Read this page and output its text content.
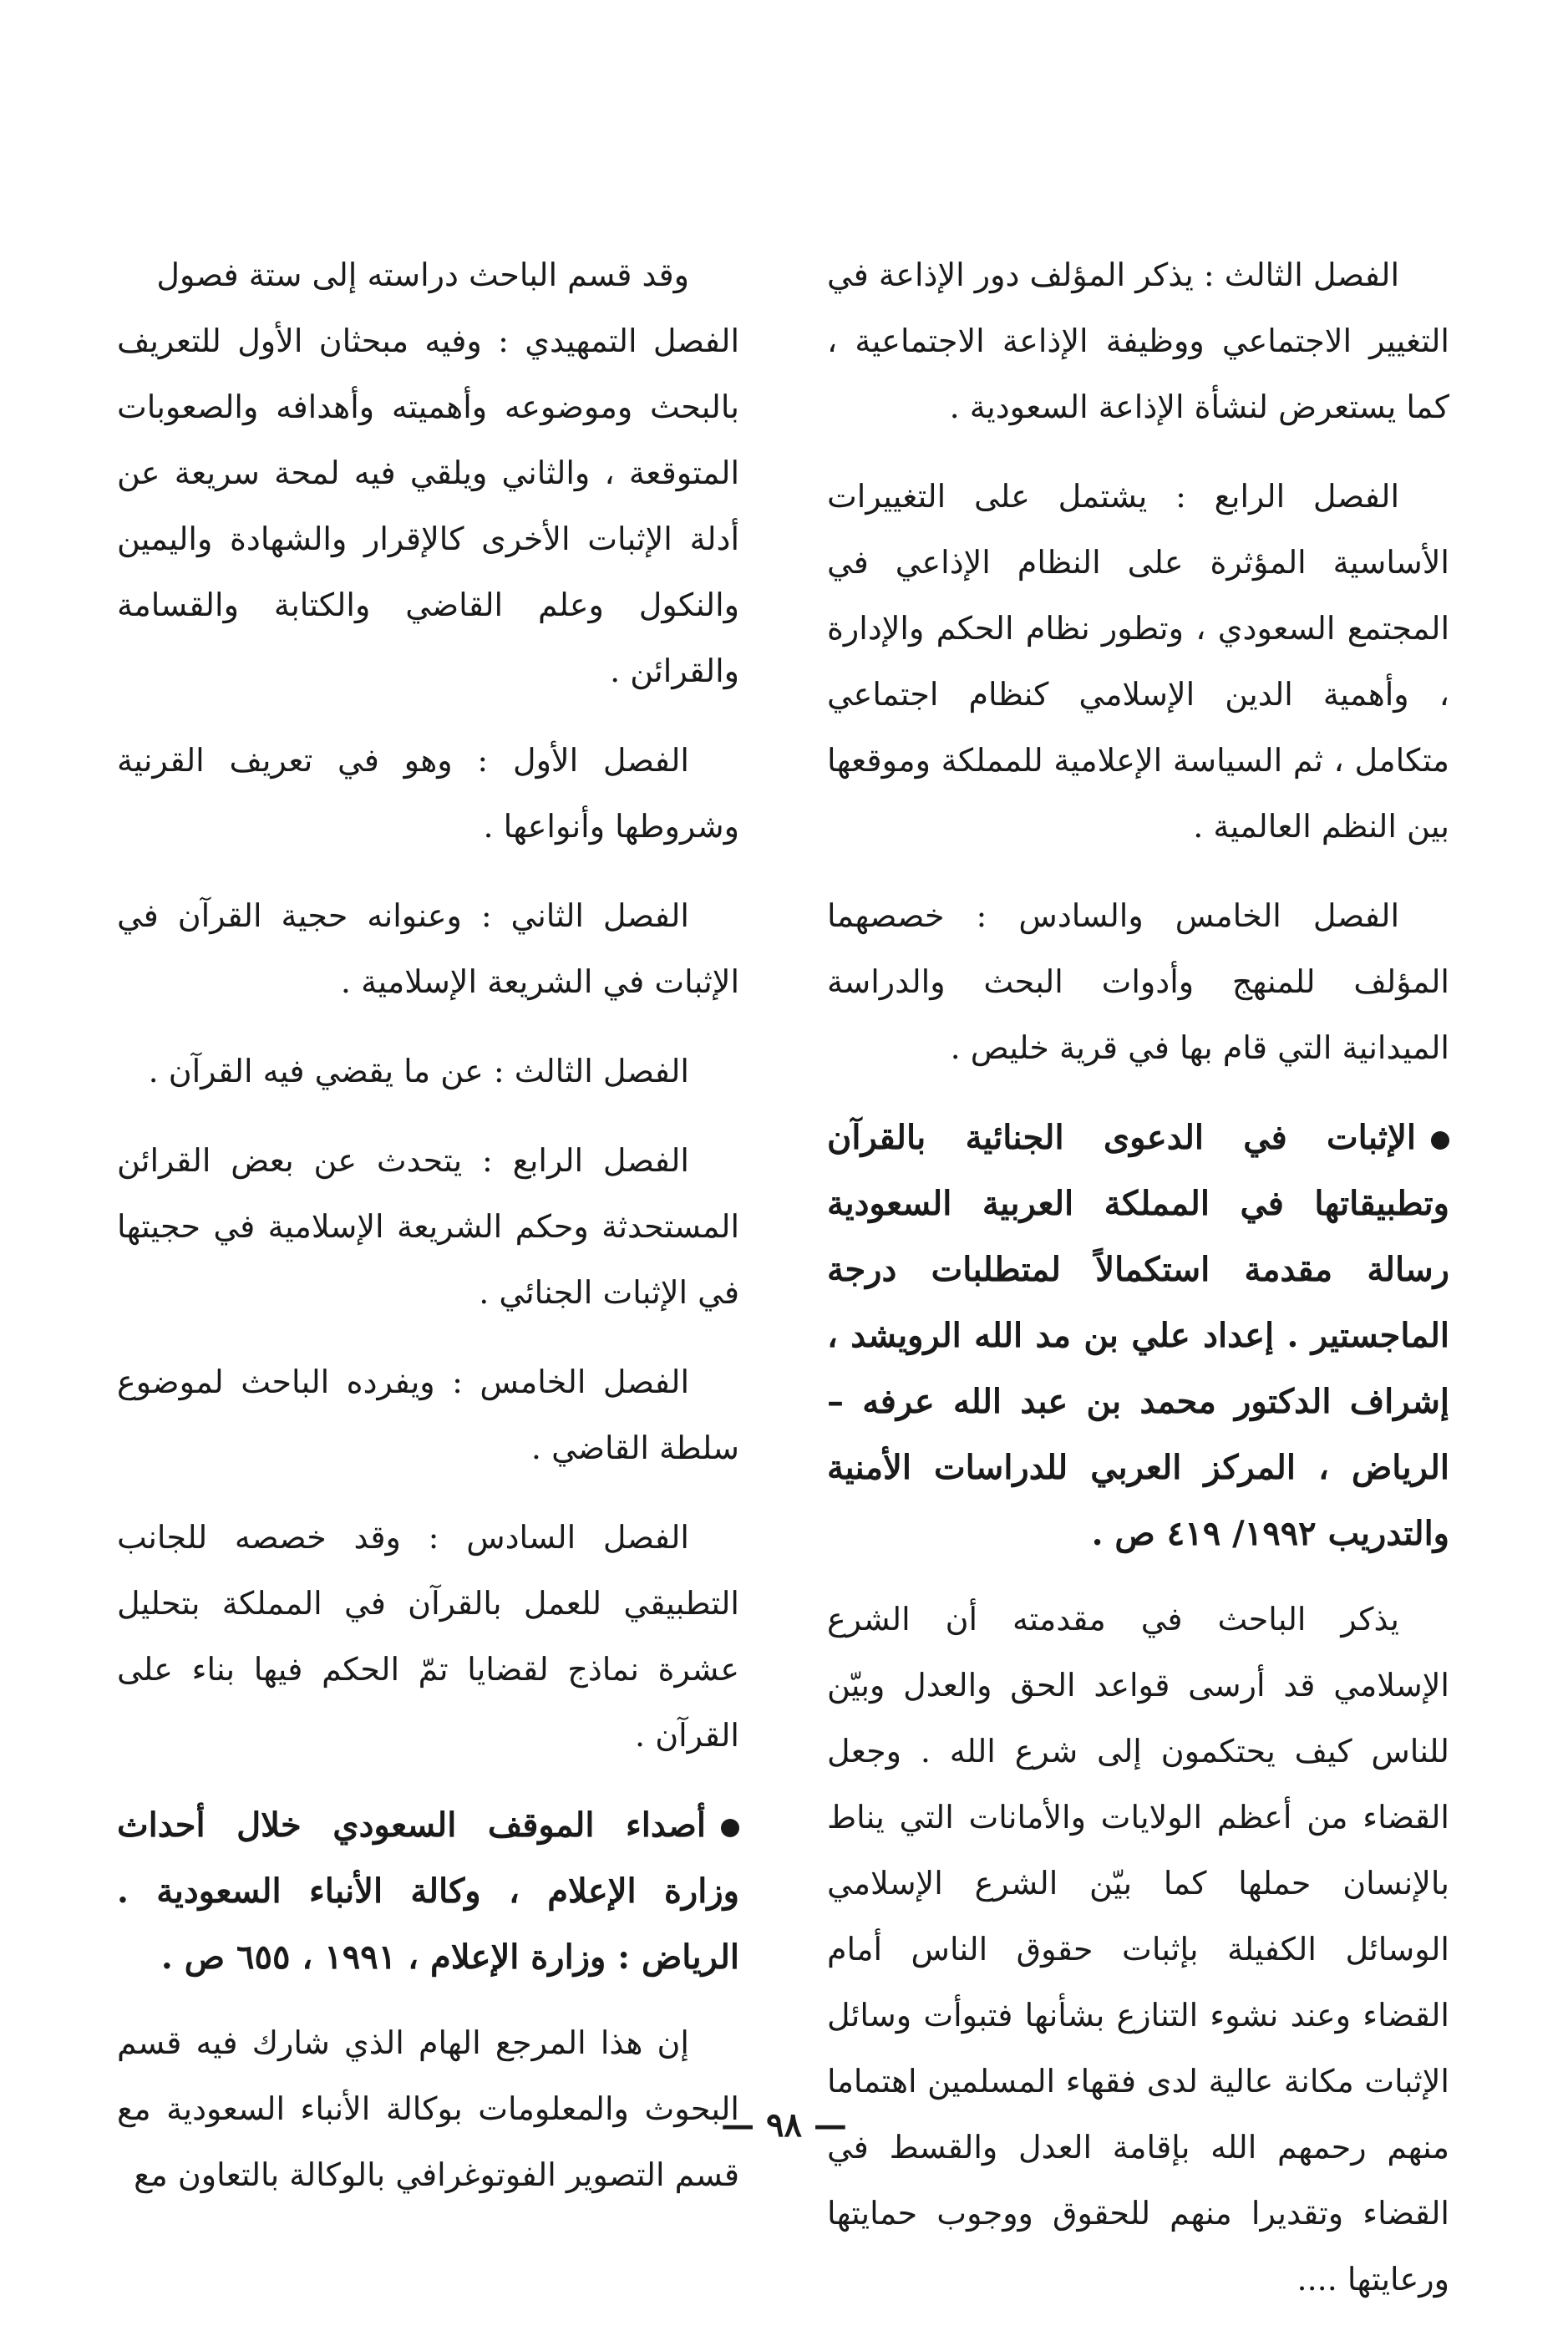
الفصل الثالث : يذكر المؤلف دور الإذاعة في التغيير الاجتماعي ووظيفة الإذاعة الاجتماعية ، كما يستعرض لنشأة الإذاعة السعودية .

الفصل الرابع : يشتمل على التغييرات الأساسية المؤثرة على النظام الإذاعي في المجتمع السعودي ، وتطور نظام الحكم والإدارة ، وأهمية الدين الإسلامي كنظام اجتماعي متكامل ، ثم السياسة الإعلامية للمملكة وموقعها بين النظم العالمية .

الفصل الخامس والسادس : خصصهما المؤلف للمنهج وأدوات البحث والدراسة الميدانية التي قام بها في قرية خليص .

الإثبات في الدعوى الجنائية بالقرآن وتطبيقاتها في المملكة العربية السعودية رسالة مقدمة استكمالاً لمتطلبات درجة الماجستير . إعداد علي بن مد الله الرويشد ، إشراف الدكتور محمد بن عبد الله عرفه – الرياض ، المركز العربي للدراسات الأمنية والتدريب ١٩٩٢/ ٤١٩ ص .

يذكر الباحث في مقدمته أن الشرع الإسلامي قد أرسى قواعد الحق والعدل وبيّن للناس كيف يحتكمون إلى شرع الله . وجعل القضاء من أعظم الولايات والأمانات التي يناط بالإنسان حملها كما بيّن الشرع الإسلامي الوسائل الكفيلة بإثبات حقوق الناس أمام القضاء وعند نشوء التنازع بشأنها فتبوأت وسائل الإثبات مكانة عالية لدى فقهاء المسلمين اهتماما منهم رحمهم الله بإقامة العدل والقسط في القضاء وتقديرا منهم للحقوق ووجوب حمايتها ورعايتها ....

وقد قسم الباحث دراسته إلى ستة فصول

الفصل التمهيدي : وفيه مبحثان الأول للتعريف بالبحث وموضوعه وأهميته وأهدافه والصعوبات المتوقعة ، والثاني ويلقي فيه لمحة سريعة عن أدلة الإثبات الأخرى كالإقرار والشهادة واليمين والنكول وعلم القاضي والكتابة والقسامة والقرائن .

الفصل الأول : وهو في تعريف القرنية وشروطها وأنواعها .

الفصل الثاني : وعنوانه حجية القرآن في الإثبات في الشريعة الإسلامية .

الفصل الثالث : عن ما يقضي فيه القرآن .

الفصل الرابع : يتحدث عن بعض القرائن المستحدثة وحكم الشريعة الإسلامية في حجيتها في الإثبات الجنائي .

الفصل الخامس : ويفرده الباحث لموضوع سلطة القاضي .

الفصل السادس : وقد خصصه للجانب التطبيقي للعمل بالقرآن في المملكة بتحليل عشرة نماذج لقضايا تمّ الحكم فيها بناء على القرآن .

أصداء الموقف السعودي خلال أحداث وزارة الإعلام ، وكالة الأنباء السعودية . الرياض : وزارة الإعلام ، ١٩٩١ ، ٦٥٥ ص .

إن هذا المرجع الهام الذي شارك فيه قسم البحوث والمعلومات بوكالة الأنباء السعودية مع قسم التصوير الفوتوغرافي بالوكالة بالتعاون مع

— ٩٨ —
